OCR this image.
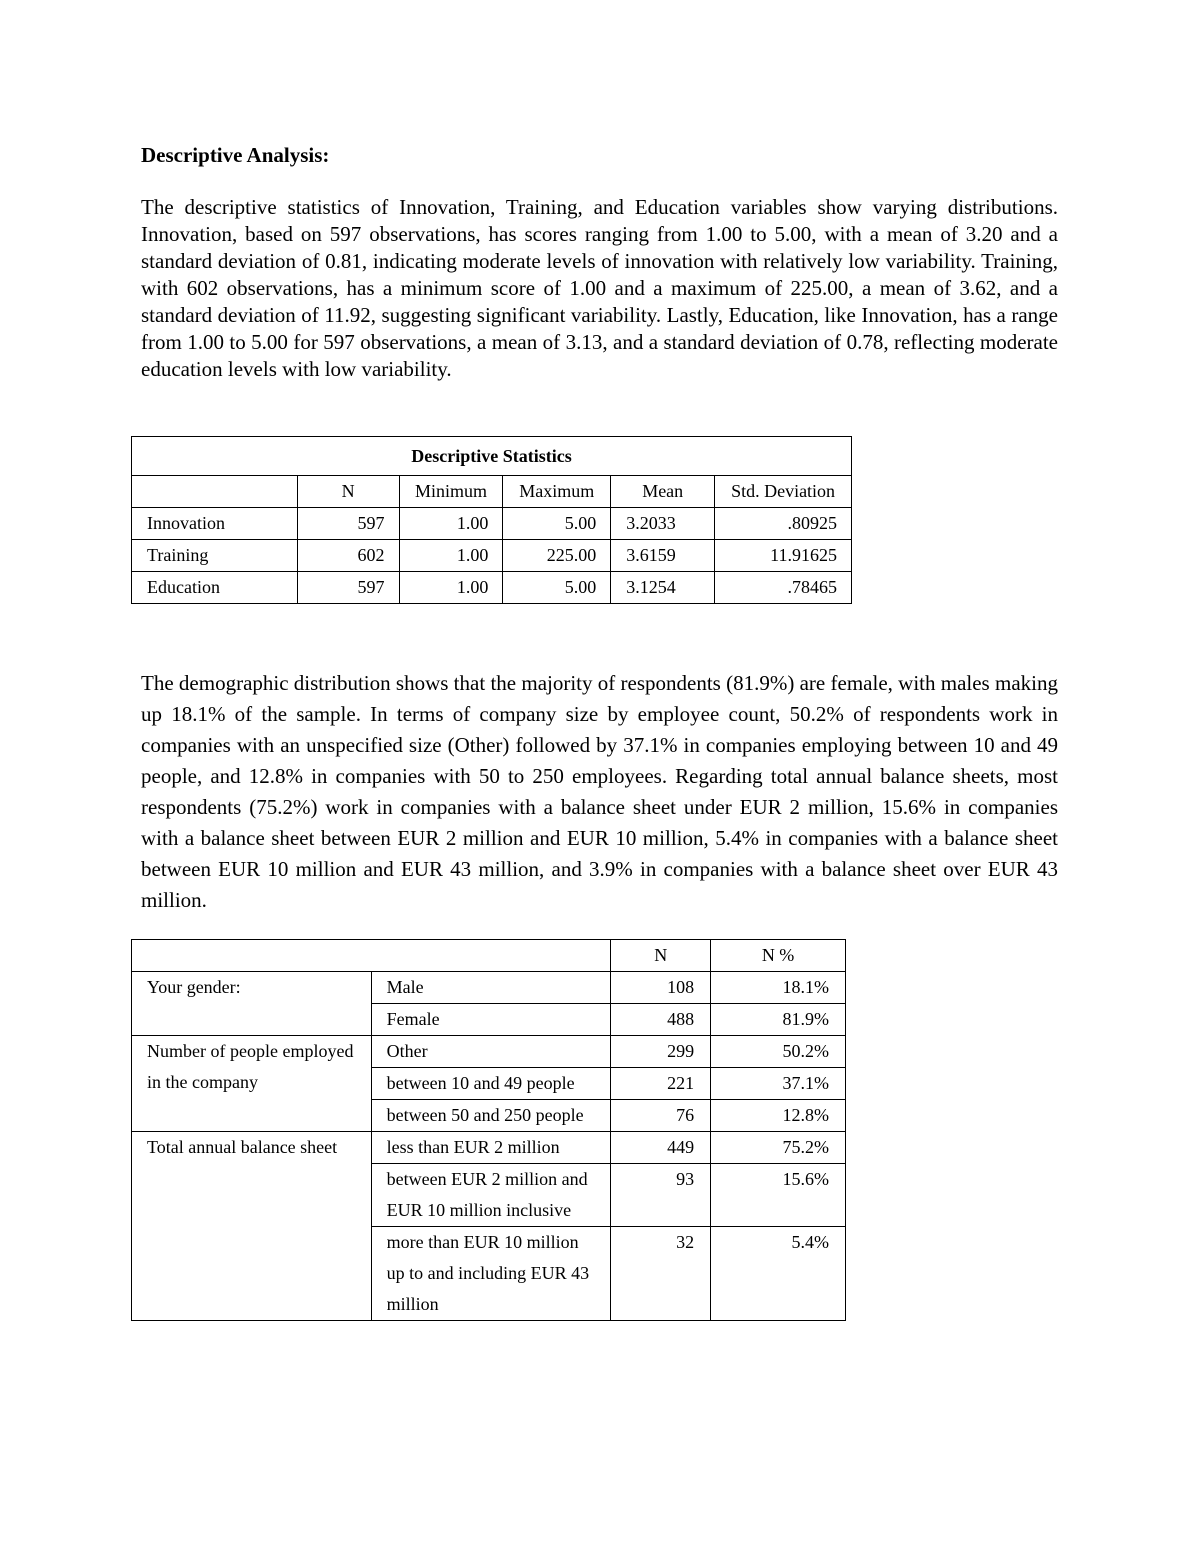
Descriptive Analysis:

The descriptive statistics of Innovation, Training, and Education variables show varying distributions. Innovation, based on 597 observations, has scores ranging from 1.00 to 5.00, with a mean of 3.20 and a standard deviation of 0.81, indicating moderate levels of innovation with relatively low variability. Training, with 602 observations, has a minimum score of 1.00 and a maximum of 225.00, a mean of 3.62, and a standard deviation of 11.92, suggesting significant variability. Lastly, Education, like Innovation, has a range from 1.00 to 5.00 for 597 observations, a mean of 3.13, and a standard deviation of 0.78, reflecting moderate education levels with low variability.

Descriptive Statistics					
	N	Minimum	Maximum	Mean	Std. Deviation
Innovation	597	1.00	5.00	3.2033	.80925
Training	602	1.00	225.00	3.6159	11.91625
Education	597	1.00	5.00	3.1254	.78465

The demographic distribution shows that the majority of respondents (81.9%) are female, with males making up 18.1% of the sample. In terms of company size by employee count, 50.2% of respondents work in companies with an unspecified size (Other) followed by 37.1% in companies employing between 10 and 49 people, and 12.8% in companies with 50 to 250 employees. Regarding total annual balance sheets, most respondents (75.2%) work in companies with a balance sheet under EUR 2 million, 15.6% in companies with a balance sheet between EUR 2 million and EUR 10 million, 5.4% in companies with a balance sheet between EUR 10 million and EUR 43 million, and 3.9% in companies with a balance sheet over EUR 43 million.

		N	N %
Your gender:	Male	108	18.1%
	Female	488	81.9%
Number of people employed in the company	Other	299	50.2%
	between 10 and 49 people	221	37.1%
	between 50 and 250 people	76	12.8%
Total annual balance sheet	less than EUR 2 million	449	75.2%
	between EUR 2 million and EUR 10 million inclusive	93	15.6%
	more than EUR 10 million up to and including EUR 43 million	32	5.4%
